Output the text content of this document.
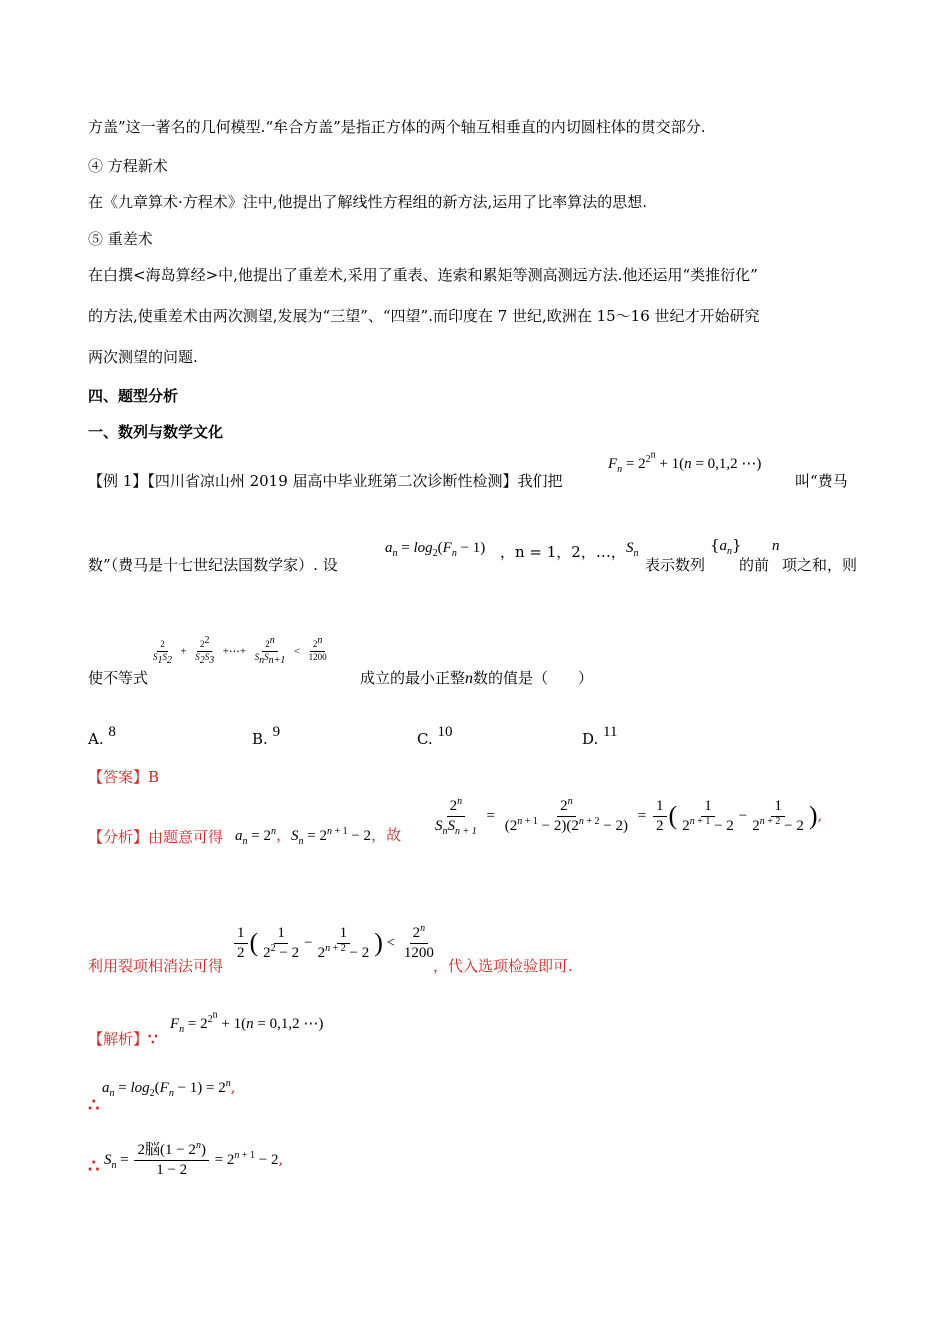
方盖”这一著名的几何模型.“牟合方盖”是指正方体的两个轴互相垂直的内切圆柱体的贯交部分.
④ 方程新术
在《九章算术·方程术》注中,他提出了解线性方程组的新方法,运用了比率算法的思想.
⑤ 重差术
在白撰<海岛算经>中,他提出了重差术,采用了重表、连索和累矩等测高测远方法.他还运用“类推衍化”
的方法,使重差术由两次测望,发展为“三望”、“四望”.而印度在 7 世纪,欧洲在 15～16 世纪才开始研究
两次测望的问题.
四、题型分析
一、数列与数学文化
【例 1】【四川省凉山州 2019 届高中毕业班第二次诊断性检测】我们把
$F_n = 2^{2^n} + 1(n = 0,1,2$ ⋯)
叫“费马
数”（费马是十七世纪法国数学家）. 设
$a_n = \log_2(F_n - 1)$ ，n = 1，2，…， $S_n$
表示数列
$\{a_n\}$
的前
n
项之和，则
使不等式
$\frac{2}{S_1S_2} + \frac{2^2}{S_2S_3}$ +⋯+ $\frac{2^n}{S_nS_{n+1}} < \frac{2^n}{1200}$
成立的最小正整n数的值是（　　）
A. 8	B. 9	C. 10	D. 11
【答案】B
【分析】由题意可得 $a_n = 2^n$，$S_n = 2^{n + 1} - 2$，故
$\frac{2^n}{S_nS_{n + 1}} = \frac{2^n}{(2^{n + 1} - 2)(2^{n + 2} - 2)} = \frac{1}{2}$ ( $\frac{1}{2^{n + 1} - 2} - \frac{1}{2^{n + 2} - 2}$ ),
利用裂项相消法可得
$\frac{1}{2}$ ( $\frac{1}{2^2 - 2} - \frac{1}{2^{n + 2} - 2}$ ) < $\frac{2^n}{1200}$
，代入选项检验即可.
【解析】∵
$F_n = 2^{2^n} + 1(n = 0,1,2$ ⋯)
∴
$a_n = \log_2(F_n - 1) = 2^n$,
∴ $S_n = \frac{2脳(1 - 2^n)}{1 - 2} = 2^{n + 1} - 2$,
